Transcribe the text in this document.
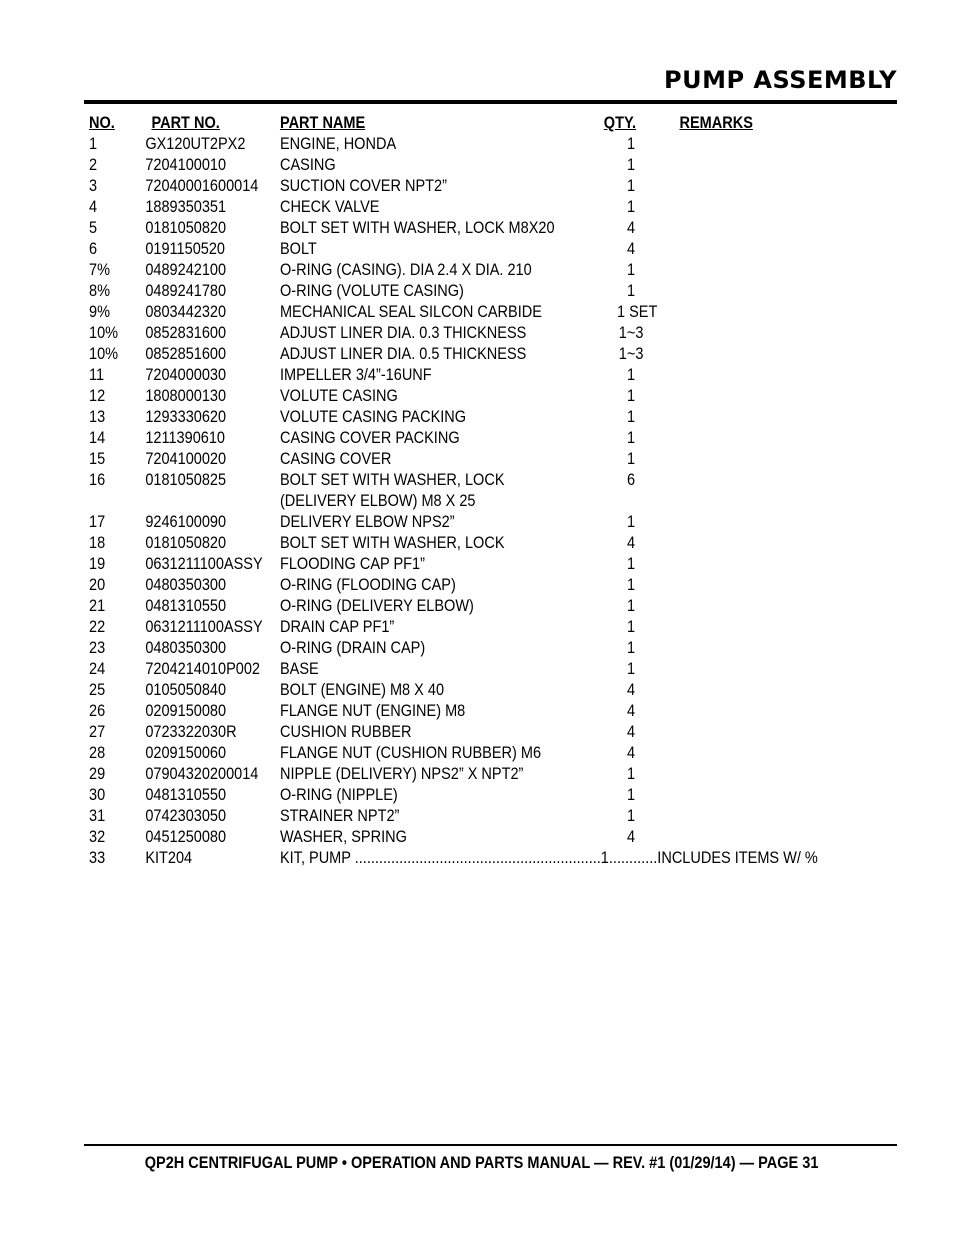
PUMP ASSEMBLY
NO. PART NO.	PART NAME	QTY.	REMARKS
1	GX120UT2PX2 ENGINE, HONDA	1
2	7204100010	CASING	1
3	72040001600014 SUCTION COVER NPT2”	1
4	1889350351	CHECK VALVE	1
5	0181050820	BOLT SET WITH WASHER, LOCK M8X20	4
6	0191150520	BOLT	4
7% 0489242100	O-RING (CASING). DIA 2.4 X DIA. 210	1
8% 0489241780	O-RING (VOLUTE CASING)	1
9% 0803442320	MECHANICAL SEAL SILCON CARBIDE	1 SET
10% 0852831600	ADJUST LINER DIA. 0.3 THICKNESS	1~3
10% 0852851600	ADJUST LINER DIA. 0.5 THICKNESS	1~3
11 7204000030	IMPELLER 3/4”-16UNF	1
12 1808000130	VOLUTE CASING	1
13 1293330620	VOLUTE CASING PACKING	1
14 1211390610	CASING COVER PACKING	1
15 7204100020	CASING COVER	1
16 0181050825	BOLT SET WITH WASHER, LOCK	6
(DELIVERY ELBOW) M8 X 25
17 9246100090	DELIVERY ELBOW NPS2”	1
18 0181050820	BOLT SET WITH WASHER, LOCK	4
19 0631211100ASSY FLOODING CAP PF1”	1
20 0480350300	O-RING (FLOODING CAP)	1
21 0481310550	O-RING (DELIVERY ELBOW)	1
22 0631211100ASSY DRAIN CAP PF1”	1
23 0480350300	O-RING (DRAIN CAP)	1
24 7204214010P002 BASE	1
25 0105050840	BOLT (ENGINE) M8 X 40	4
26 0209150080	FLANGE NUT (ENGINE) M8	4
27 0723322030R	CUSHION RUBBER	4
28 0209150060	FLANGE NUT (CUSHION RUBBER) M6	4
29 07904320200014 NIPPLE (DELIVERY) NPS2” X NPT2”	1
30 0481310550	O-RING (NIPPLE)	1
31 0742303050	STRAINER NPT2”	1
32 0451250080	WASHER, SPRING	4
33 KIT204	KIT, PUMP .............................................................1............INCLUDES ITEMS W/ %
QP2H CENTRIFUGAL PUMP • OPERATION AND PARTS MANUAL — REV. #1 (01/29/14) — PAGE 31
